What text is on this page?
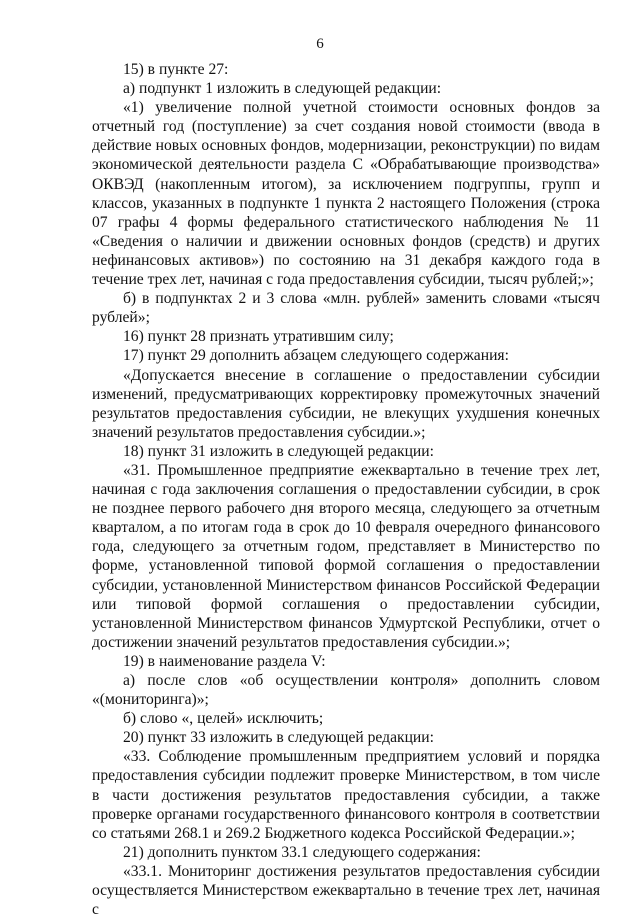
6

15) в пункте 27:

а) подпункт 1 изложить в следующей редакции:

«1) увеличение полной учетной стоимости основных фондов за отчетный год (поступление) за счет создания новой стоимости (ввода в действие новых основных фондов, модернизации, реконструкции) по видам экономической деятельности раздела С «Обрабатывающие производства» ОКВЭД (накопленным итогом), за исключением подгруппы, групп и классов, указанных в подпункте 1 пункта 2 настоящего Положения (строка 07 графы 4 формы федерального статистического наблюдения № 11 «Сведения о наличии и движении основных фондов (средств) и других нефинансовых активов») по состоянию на 31 декабря каждого года в течение трех лет, начиная с года предоставления субсидии, тысяч рублей;»;

б) в подпунктах 2 и 3 слова «млн. рублей» заменить словами «тысяч рублей»;

16) пункт 28 признать утратившим силу;

17) пункт 29 дополнить абзацем следующего содержания:

«Допускается внесение в соглашение о предоставлении субсидии изменений, предусматривающих корректировку промежуточных значений результатов предоставления субсидии, не влекущих ухудшения конечных значений результатов предоставления субсидии.»;

18) пункт 31 изложить в следующей редакции:

«31. Промышленное предприятие ежеквартально в течение трех лет, начиная с года заключения соглашения о предоставлении субсидии, в срок не позднее первого рабочего дня второго месяца, следующего за отчетным кварталом, а по итогам года в срок до 10 февраля очередного финансового года, следующего за отчетным годом, представляет в Министерство по форме, установленной типовой формой соглашения о предоставлении субсидии, установленной Министерством финансов Российской Федерации или типовой формой соглашения о предоставлении субсидии, установленной Министерством финансов Удмуртской Республики, отчет о достижении значений результатов предоставления субсидии.»;

19) в наименование раздела V:

а) после слов «об осуществлении контроля» дополнить словом «(мониторинга)»;

б) слово «, целей» исключить;

20) пункт 33 изложить в следующей редакции:

«33. Соблюдение промышленным предприятием условий и порядка предоставления субсидии подлежит проверке Министерством, в том числе в части достижения результатов предоставления субсидии, а также проверке органами государственного финансового контроля в соответствии со статьями 268.1 и 269.2 Бюджетного кодекса Российской Федерации.»;

21) дополнить пунктом 33.1 следующего содержания:

«33.1. Мониторинг достижения результатов предоставления субсидии осуществляется Министерством ежеквартально в течение трех лет, начиная с
